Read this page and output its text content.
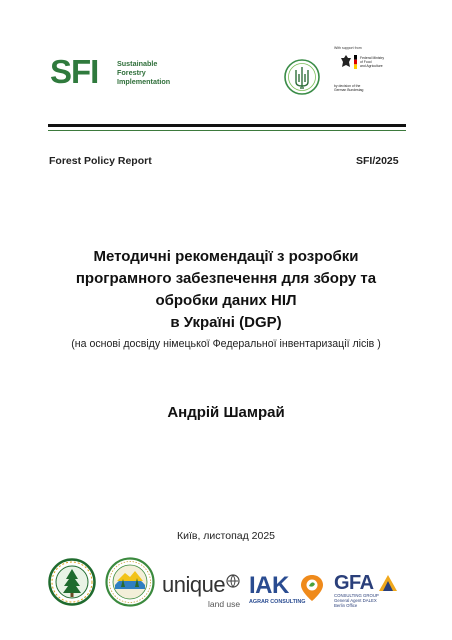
SFI	Sustainable
Forestry
Implementation
With support from
Federal Ministry
of Food
and Agriculture
by decision of the
German Bundestag
Forest Policy Report	SFI/2025
Методичні рекомендації з розробки
програмного забезпечення для збору та
обробки даних НІЛ
в Україні (DGP)
(на основі досвіду німецької Федеральної інвентаризації лісів )
Андрій Шамрай
Київ, листопад 2025
unique
land use
IAK
AGRAR CONSULTING
GFA
CONSULTING GROUP
General Agent DALEX
Berlin Office
